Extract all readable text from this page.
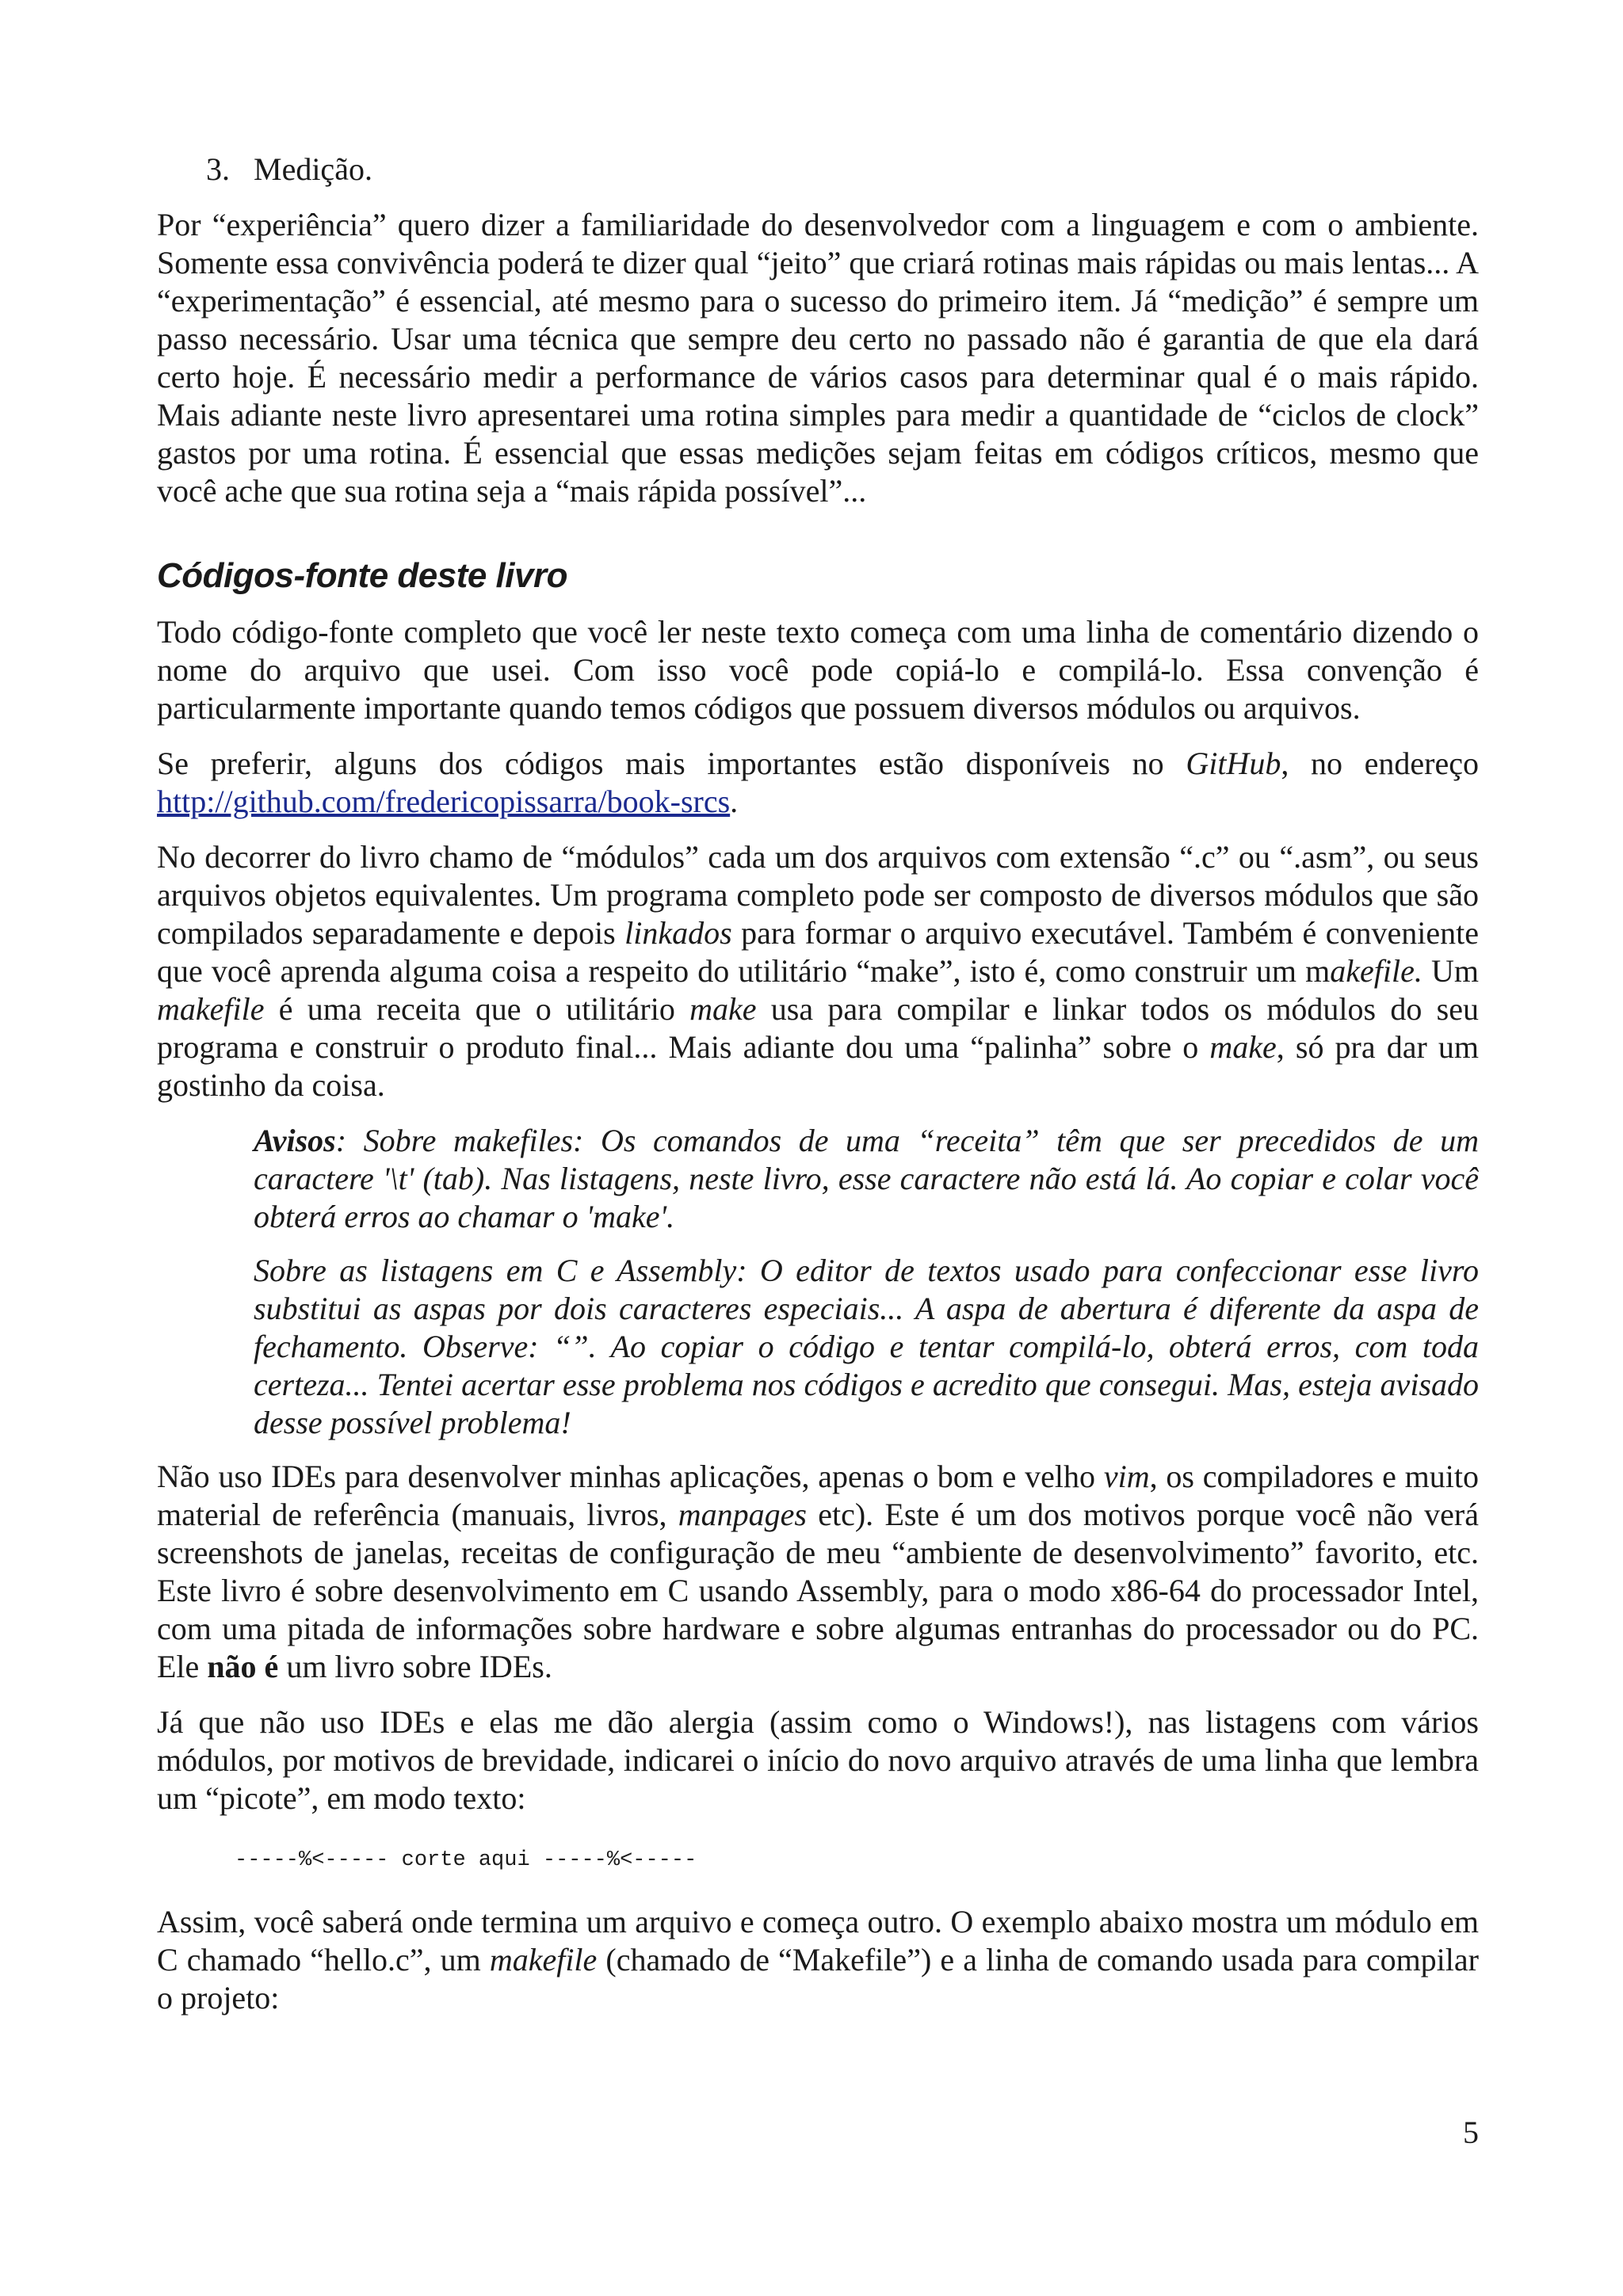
3. Medição.

Por “experiência” quero dizer a familiaridade do desenvolvedor com a linguagem e com o ambiente. Somente essa convivência poderá te dizer qual “jeito” que criará rotinas mais rápidas ou mais lentas... A “experimentação” é essencial, até mesmo para o sucesso do primeiro item. Já “medição” é sempre um passo necessário. Usar uma técnica que sempre deu certo no passado não é garantia de que ela dará certo hoje. É necessário medir a performance de vários casos para determinar qual é o mais rápido. Mais adiante neste livro apresentarei uma rotina simples para medir a quantidade de “ciclos de clock” gastos por uma rotina. É essencial que essas medições sejam feitas em códigos críticos, mesmo que você ache que sua rotina seja a “mais rápida possível”...

Códigos-fonte deste livro

Todo código-fonte completo que você ler neste texto começa com uma linha de comentário dizendo o nome do arquivo que usei. Com isso você pode copiá-lo e compilá-lo. Essa convenção é particularmente importante quando temos códigos que possuem diversos módulos ou arquivos.

Se preferir, alguns dos códigos mais importantes estão disponíveis no GitHub, no endereço http://github.com/fredericopissarra/book-srcs.

No decorrer do livro chamo de “módulos” cada um dos arquivos com extensão “.c” ou “.asm”, ou seus arquivos objetos equivalentes. Um programa completo pode ser composto de diversos módulos que são compilados separadamente e depois linkados para formar o arquivo executável. Também é conveniente que você aprenda alguma coisa a respeito do utilitário “make”, isto é, como construir um makefile. Um makefile é uma receita que o utilitário make usa para compilar e linkar todos os módulos do seu programa e construir o produto final... Mais adiante dou uma “palinha” sobre o make, só pra dar um gostinho da coisa.

Avisos: Sobre makefiles: Os comandos de uma “receita” têm que ser precedidos de um caractere '\t' (tab). Nas listagens, neste livro, esse caractere não está lá. Ao copiar e colar você obterá erros ao chamar o 'make'.

Sobre as listagens em C e Assembly: O editor de textos usado para confeccionar esse livro substitui as aspas por dois caracteres especiais... A aspa de abertura é diferente da aspa de fechamento. Observe: “”. Ao copiar o código e tentar compilá-lo, obterá erros, com toda certeza... Tentei acertar esse problema nos códigos e acredito que consegui. Mas, esteja avisado desse possível problema!

Não uso IDEs para desenvolver minhas aplicações, apenas o bom e velho vim, os compiladores e muito material de referência (manuais, livros, manpages etc). Este é um dos motivos porque você não verá screenshots de janelas, receitas de configuração de meu “ambiente de desenvolvimento” favorito, etc. Este livro é sobre desenvolvimento em C usando Assembly, para o modo x86-64 do processador Intel, com uma pitada de informações sobre hardware e sobre algumas entranhas do processador ou do PC. Ele não é um livro sobre IDEs.

Já que não uso IDEs e elas me dão alergia (assim como o Windows!), nas listagens com vários módulos, por motivos de brevidade, indicarei o início do novo arquivo através de uma linha que lembra um “picote”, em modo texto:

-----%<----- corte aqui -----%<-----

Assim, você saberá onde termina um arquivo e começa outro. O exemplo abaixo mostra um módulo em C chamado “hello.c”, um makefile (chamado de “Makefile”) e a linha de comando usada para compilar o projeto:

5
